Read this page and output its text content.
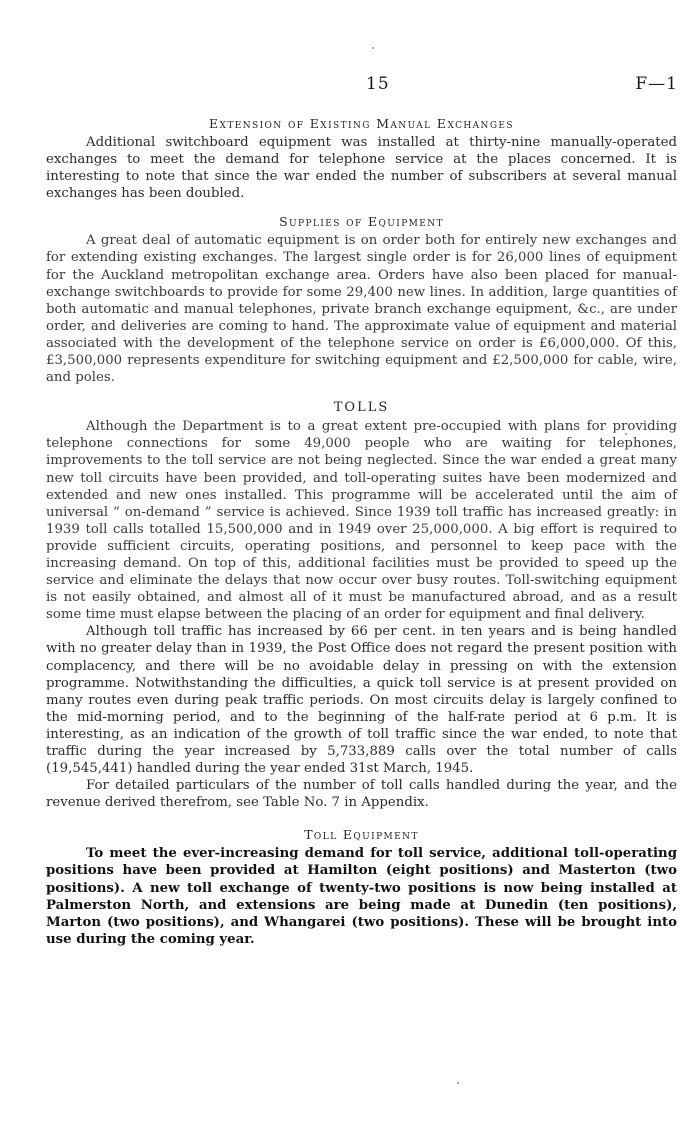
15	F—1
Extension of Existing Manual Exchanges

Additional switchboard equipment was installed at thirty-nine manually-operated exchanges to meet the demand for telephone service at the places concerned. It is interesting to note that since the war ended the number of subscribers at several manual exchanges has been doubled.

Supplies of Equipment

A great deal of automatic equipment is on order both for entirely new exchanges and for extending existing exchanges. The largest single order is for 26,000 lines of equipment for the Auckland metropolitan exchange area. Orders have also been placed for manual-exchange switchboards to provide for some 29,400 new lines. In addition, large quantities of both automatic and manual telephones, private branch exchange equipment, &c., are under order, and deliveries are coming to hand. The approximate value of equipment and material associated with the development of the telephone service on order is £6,000,000. Of this, £3,500,000 represents expenditure for switching equipment and £2,500,000 for cable, wire, and poles.

TOLLS

Although the Department is to a great extent pre-occupied with plans for providing telephone connections for some 49,000 people who are waiting for telephones, improvements to the toll service are not being neglected. Since the war ended a great many new toll circuits have been provided, and toll-operating suites have been modernized and extended and new ones installed. This programme will be accelerated until the aim of universal “ on-demand ” service is achieved. Since 1939 toll traffic has increased greatly: in 1939 toll calls totalled 15,500,000 and in 1949 over 25,000,000. A big effort is required to provide sufficient circuits, operating positions, and personnel to keep pace with the increasing demand. On top of this, additional facilities must be provided to speed up the service and eliminate the delays that now occur over busy routes. Toll-switching equipment is not easily obtained, and almost all of it must be manufactured abroad, and as a result some time must elapse between the placing of an order for equipment and final delivery.

Although toll traffic has increased by 66 per cent. in ten years and is being handled with no greater delay than in 1939, the Post Office does not regard the present position with complacency, and there will be no avoidable delay in pressing on with the extension programme. Notwithstanding the difficulties, a quick toll service is at present provided on many routes even during peak traffic periods. On most circuits delay is largely confined to the mid-morning period, and to the beginning of the half-rate period at 6 p.m. It is interesting, as an indication of the growth of toll traffic since the war ended, to note that traffic during the year increased by 5,733,889 calls over the total number of calls (19,545,441) handled during the year ended 31st March, 1945.

For detailed particulars of the number of toll calls handled during the year, and the revenue derived therefrom, see Table No. 7 in Appendix.

Toll Equipment

To meet the ever-increasing demand for toll service, additional toll-operating positions have been provided at Hamilton (eight positions) and Masterton (two positions). A new toll exchange of twenty-two positions is now being installed at Palmerston North, and extensions are being made at Dunedin (ten positions), Marton (two positions), and Whangarei (two positions). These will be brought into use during the coming year.
